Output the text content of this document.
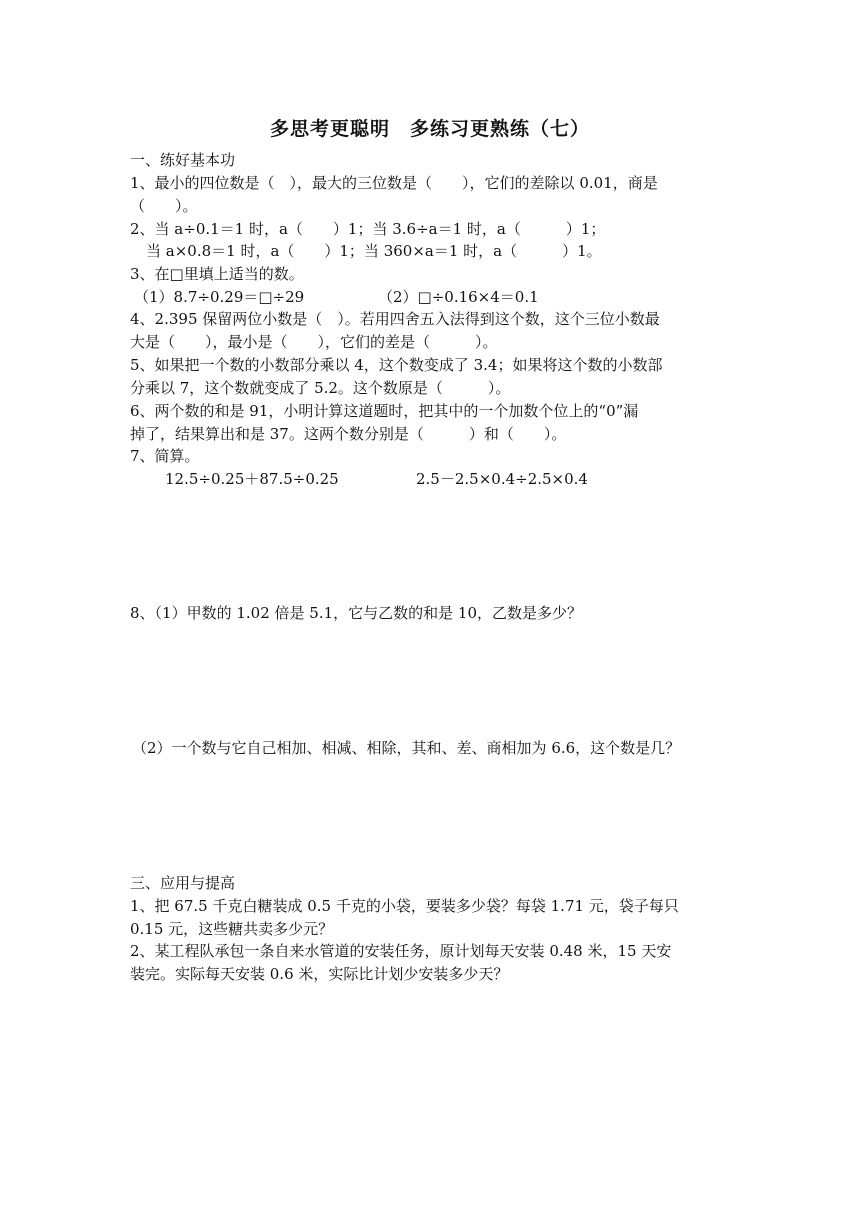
多思考更聪明　多练习更熟练（七）
一、练好基本功
1、最小的四位数是（　），最大的三位数是（　　），它们的差除以 0.01，商是
（　　）。
2、当 a÷0.1＝1 时，a（　　）1；当 3.6÷a＝1 时，a（　　　）1；
当 a×0.8＝1 时，a（　　）1；当 360×a＝1 时，a（　　　）1。
3、在□里填上适当的数。
（1）8.7÷0.29＝□÷29	（2）□÷0.16×4＝0.1
4、2.395 保留两位小数是（　）。若用四舍五入法得到这个数，这个三位小数最
大是（　　），最小是（　　），它们的差是（　　　）。
5、如果把一个数的小数部分乘以 4，这个数变成了 3.4；如果将这个数的小数部
分乘以 7，这个数就变成了 5.2。这个数原是（　　　）。
6、两个数的和是 91，小明计算这道题时，把其中的一个加数个位上的“0”漏
掉了，结果算出和是 37。这两个数分别是（　　　）和（　　）。
7、简算。
12.5÷0.25＋87.5÷0.25	2.5－2.5×0.4÷2.5×0.4
8、（1）甲数的 1.02 倍是 5.1，它与乙数的和是 10，乙数是多少？
（2）一个数与它自己相加、相减、相除，其和、差、商相加为 6.6，这个数是几？
三、应用与提高
1、把 67.5 千克白糖装成 0.5 千克的小袋，要装多少袋？每袋 1.71 元，袋子每只
0.15 元，这些糖共卖多少元？
2、某工程队承包一条自来水管道的安装任务，原计划每天安装 0.48 米，15 天安
装完。实际每天安装 0.6 米，实际比计划少安装多少天？
